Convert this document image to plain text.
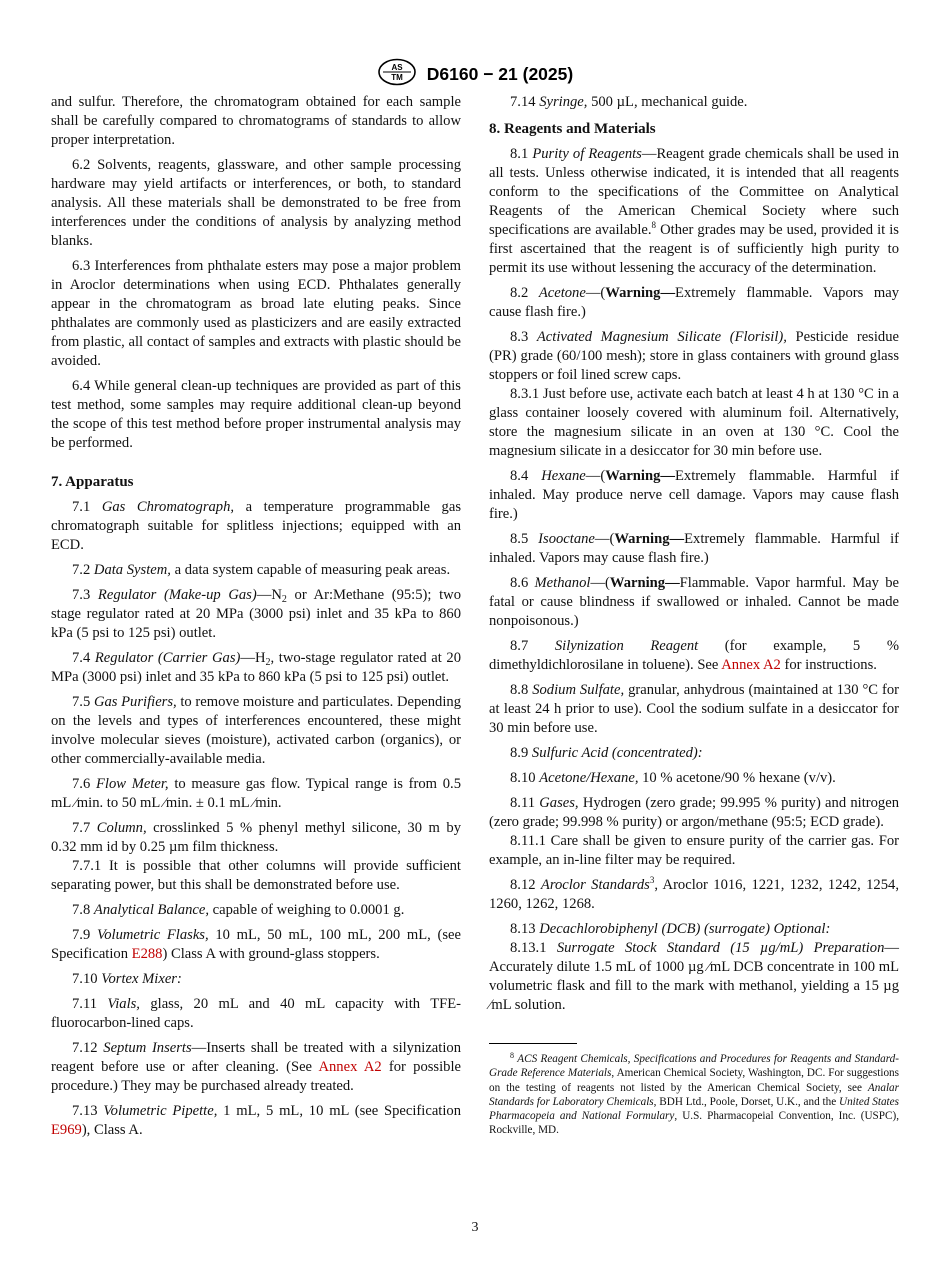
AS
TM D6160 − 21 (2025)

and sulfur. Therefore, the chromatogram obtained for each sample shall be carefully compared to chromatograms of standards to allow proper interpretation.

6.2 Solvents, reagents, glassware, and other sample processing hardware may yield artifacts or interferences, or both, to standard analysis. All these materials shall be demonstrated to be free from interferences under the conditions of analysis by analyzing method blanks.

6.3 Interferences from phthalate esters may pose a major problem in Aroclor determinations when using ECD. Phthalates generally appear in the chromatogram as broad late eluting peaks. Since phthalates are commonly used as plasticizers and are easily extracted from plastic, all contact of samples and extracts with plastic should be avoided.

6.4 While general clean-up techniques are provided as part of this test method, some samples may require additional clean-up beyond the scope of this test method before proper instrumental analysis may be performed.

7. Apparatus

7.1 Gas Chromatograph, a temperature programmable gas chromatograph suitable for splitless injections; equipped with an ECD.

7.2 Data System, a data system capable of measuring peak areas.

7.3 Regulator (Make-up $Gas)—N_2$ or Ar:Methane (95:5); two stage regulator rated at 20 MPa (3000 psi) inlet and 35 kPa to 860 kPa (5 psi to 125 psi) outlet.

7.4 Regulator (Carrier $Gas)—H_2$, two-stage regulator rated at 20 MPa (3000 psi) inlet and 35 kPa to 860 kPa (5 psi to 125 psi) outlet.

7.5 Gas Purifiers, to remove moisture and particulates. Depending on the levels and types of interferences encountered, these might involve molecular sieves (moisture), activated carbon (organics), or other commercially-available media.

7.6 Flow Meter, to measure gas flow. Typical range is from 0.5 mL ⁄min. to 50 mL ⁄min. ± 0.1 mL ⁄min.

7.7 Column, crosslinked 5 % phenyl methyl silicone, 30 m by 0.32 mm id by 0.25 µm film thickness.

7.7.1 It is possible that other columns will provide sufficient separating power, but this shall be demonstrated before use.

7.8 Analytical Balance, capable of weighing to 0.0001 g.

7.9 Volumetric Flasks, 10 mL, 50 mL, 100 mL, 200 mL, (see Specification E288) Class A with ground-glass stoppers.

7.10 Vortex Mixer:

7.11 Vials, glass, 20 mL and 40 mL capacity with TFE-fluorocarbon-lined caps.

7.12 Septum Inserts—Inserts shall be treated with a silynization reagent before use or after cleaning. (See Annex A2 for possible procedure.) They may be purchased already treated.

7.13 Volumetric Pipette, 1 mL, 5 mL, 10 mL (see Specification E969), Class A.

7.14 Syringe, 500 µL, mechanical guide.

8. Reagents and Materials

8.1 Purity of Reagents—Reagent grade chemicals shall be used in all tests. Unless otherwise indicated, it is intended that all reagents conform to the specifications of the Committee on Analytical Reagents of the American Chemical Society where such specifications are available.$^8$ Other grades may be used, provided it is first ascertained that the reagent is of sufficiently high purity to permit its use without lessening the accuracy of the determination.

8.2 Acetone—(Warning—Extremely flammable. Vapors may cause flash fire.)

8.3 Activated Magnesium Silicate (Florisil), Pesticide residue (PR) grade (60/100 mesh); store in glass containers with ground glass stoppers or foil lined screw caps.

8.3.1 Just before use, activate each batch at least 4 h at 130 °C in a glass container loosely covered with aluminum foil. Alternatively, store the magnesium silicate in an oven at 130 °C. Cool the magnesium silicate in a desiccator for 30 min before use.

8.4 Hexane—(Warning—Extremely flammable. Harmful if inhaled. May produce nerve cell damage. Vapors may cause flash fire.)

8.5 Isooctane—(Warning—Extremely flammable. Harmful if inhaled. Vapors may cause flash fire.)

8.6 Methanol—(Warning—Flammable. Vapor harmful. May be fatal or cause blindness if swallowed or inhaled. Cannot be made nonpoisonous.)

8.7 Silynization Reagent (for example, 5 % dimethyldichlorosilane in toluene). See Annex A2 for instructions.

8.8 Sodium Sulfate, granular, anhydrous (maintained at 130 °C for at least 24 h prior to use). Cool the sodium sulfate in a desiccator for 30 min before use.

8.9 Sulfuric Acid (concentrated):

8.10 Acetone/Hexane, 10 % acetone/90 % hexane (v/v).

8.11 Gases, Hydrogen (zero grade; 99.995 % purity) and nitrogen (zero grade; 99.998 % purity) or argon/methane (95:5; ECD grade).

8.11.1 Care shall be given to ensure purity of the carrier gas. For example, an in-line filter may be required.

8.12 Aroclor Standards$^3$, Aroclor 1016, 1221, 1232, 1242, 1254, 1260, 1262, 1268.

8.13 Decachlorobiphenyl (DCB) (surrogate) Optional:

8.13.1 Surrogate Stock Standard (15 µg/mL) Preparation—Accurately dilute 1.5 mL of 1000 µg ⁄mL DCB concentrate in 100 mL volumetric flask and fill to the mark with methanol, yielding a 15 µg ⁄mL solution.

$^8$ ACS Reagent Chemicals, Specifications and Procedures for Reagents and Standard-Grade Reference Materials, American Chemical Society, Washington, DC. For suggestions on the testing of reagents not listed by the American Chemical Society, see Analar Standards for Laboratory Chemicals, BDH Ltd., Poole, Dorset, U.K., and the United States Pharmacopeia and National Formulary, U.S. Pharmacopeial Convention, Inc. (USPC), Rockville, MD.

3
